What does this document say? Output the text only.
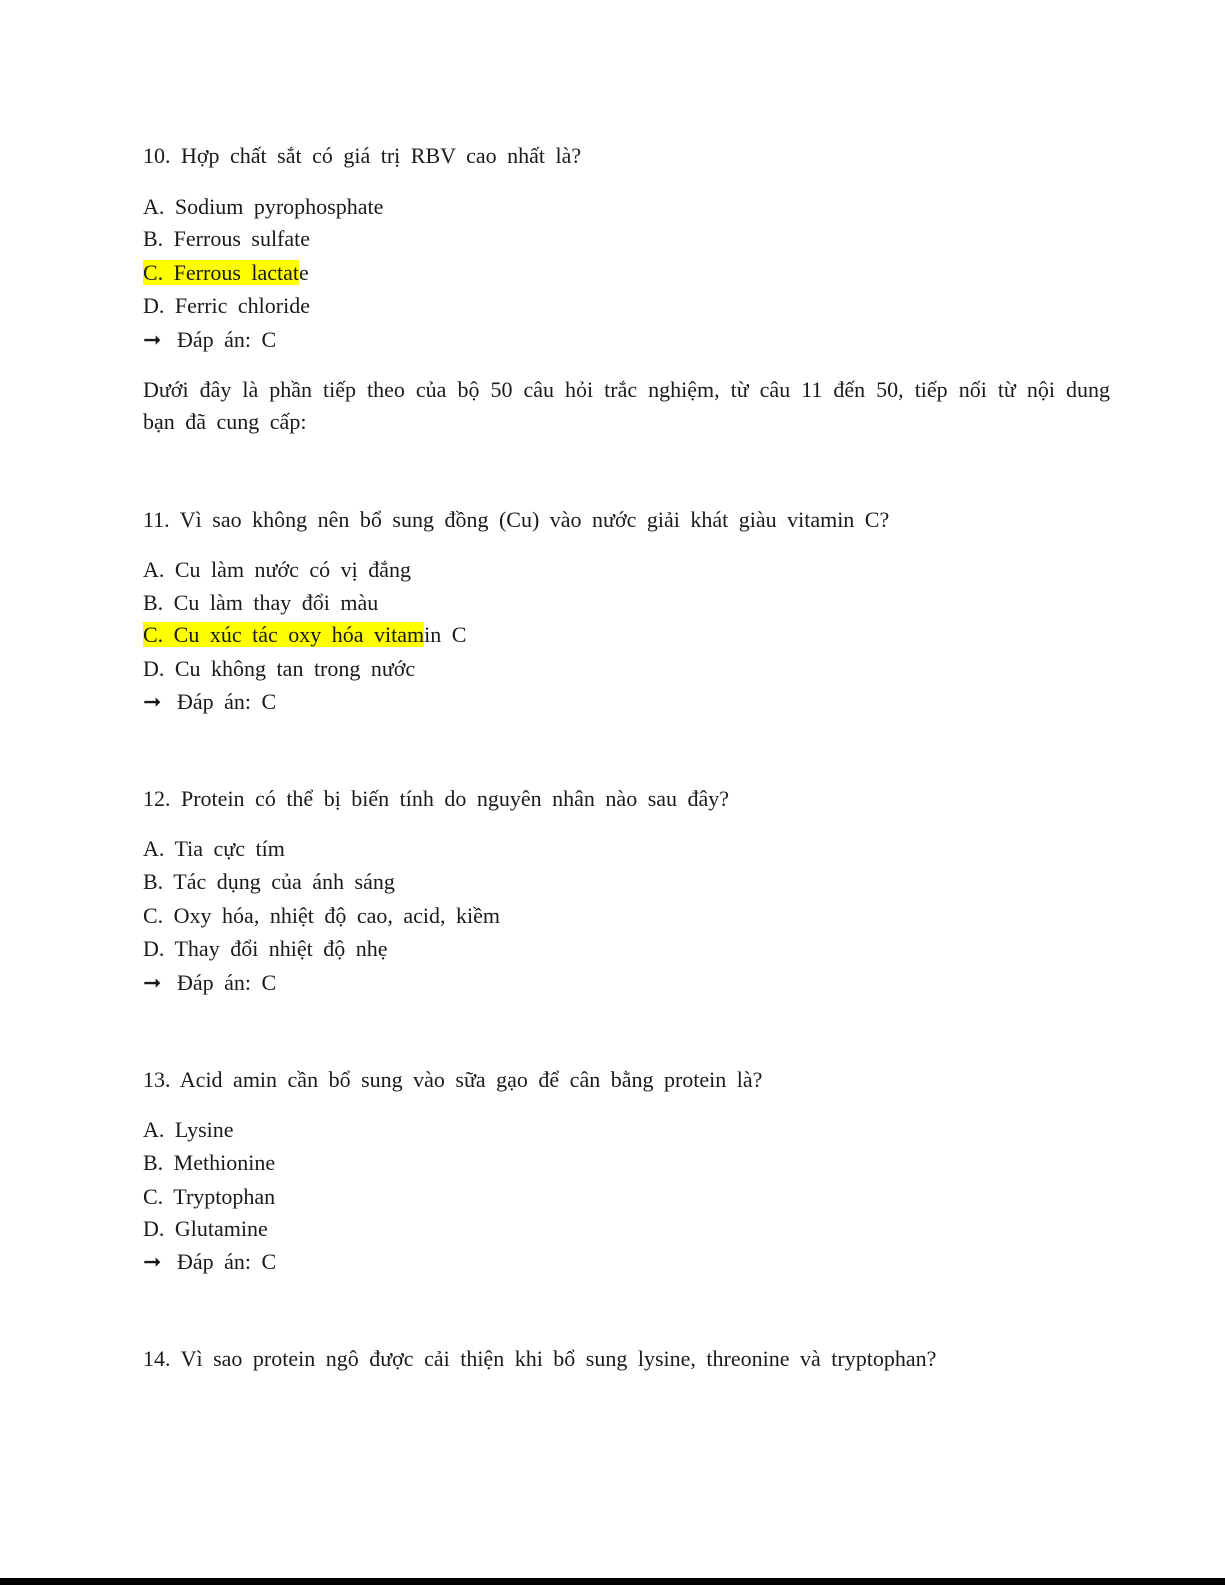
10. Hợp chất sắt có giá trị RBV cao nhất là?
A. Sodium pyrophosphate
B. Ferrous sulfate
C. Ferrous lactate
D. Ferric chloride
➞ Đáp án: C
Dưới đây là phần tiếp theo của bộ 50 câu hỏi trắc nghiệm, từ câu 11 đến 50, tiếp nối từ nội dung bạn đã cung cấp:
11. Vì sao không nên bổ sung đồng (Cu) vào nước giải khát giàu vitamin C?
A. Cu làm nước có vị đắng
B. Cu làm thay đổi màu
C. Cu xúc tác oxy hóa vitamin C
D. Cu không tan trong nước
➞ Đáp án: C
12. Protein có thể bị biến tính do nguyên nhân nào sau đây?
A. Tia cực tím
B. Tác dụng của ánh sáng
C. Oxy hóa, nhiệt độ cao, acid, kiềm
D. Thay đổi nhiệt độ nhẹ
➞ Đáp án: C
13. Acid amin cần bổ sung vào sữa gạo để cân bằng protein là?
A. Lysine
B. Methionine
C. Tryptophan
D. Glutamine
➞ Đáp án: C
14. Vì sao protein ngô được cải thiện khi bổ sung lysine, threonine và tryptophan?
